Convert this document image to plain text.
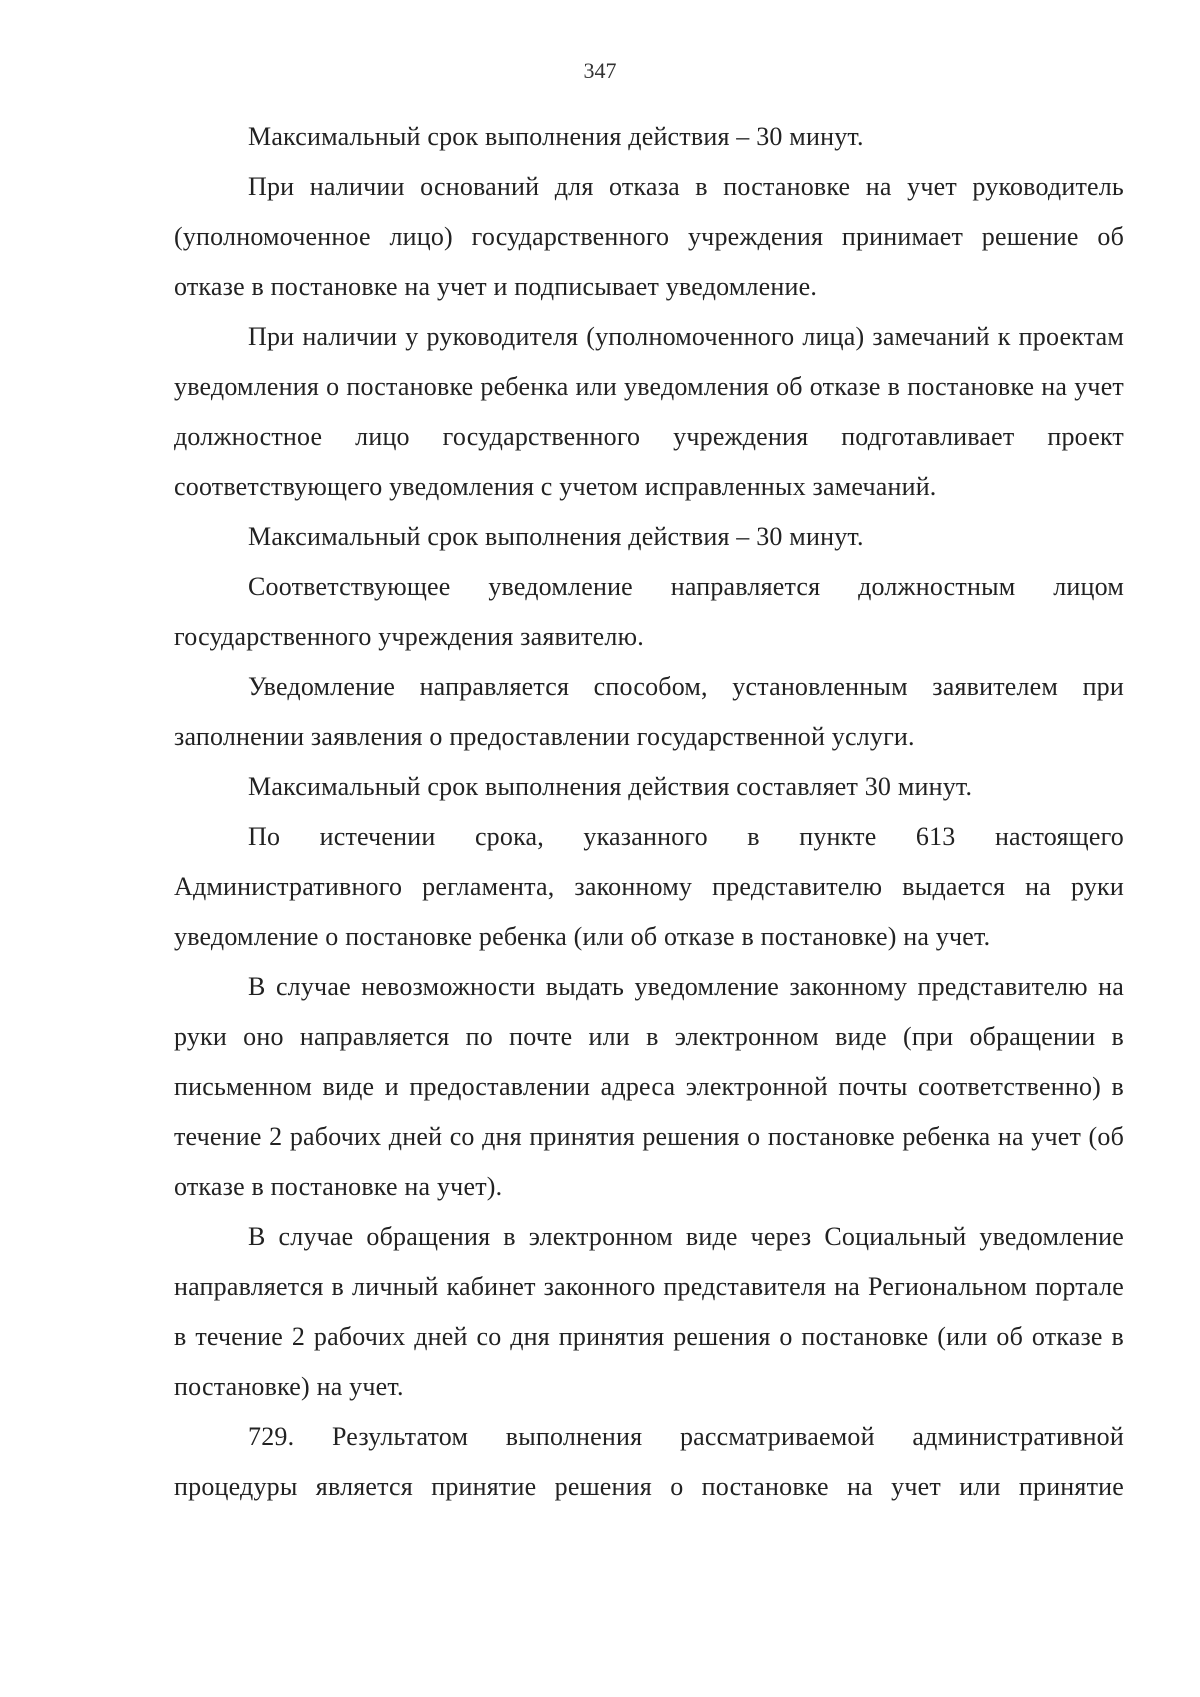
347

Максимальный срок выполнения действия – 30 минут.

При наличии оснований для отказа в постановке на учет руководитель (уполномоченное лицо) государственного учреждения принимает решение об отказе в постановке на учет и подписывает уведомление.

При наличии у руководителя (уполномоченного лица) замечаний к проектам уведомления о постановке ребенка или уведомления об отказе в постановке на учет должностное лицо государственного учреждения подготавливает проект соответствующего уведомления с учетом исправленных замечаний.

Максимальный срок выполнения действия – 30 минут.

Соответствующее уведомление направляется должностным лицом государственного учреждения заявителю.

Уведомление направляется способом, установленным заявителем при заполнении заявления о предоставлении государственной услуги.

Максимальный срок выполнения действия составляет 30 минут.

По истечении срока, указанного в пункте 613 настоящего Административного регламента, законному представителю выдается на руки уведомление о постановке ребенка (или об отказе в постановке) на учет.

В случае невозможности выдать уведомление законному представителю на руки оно направляется по почте или в электронном виде (при обращении в письменном виде и предоставлении адреса электронной почты соответственно) в течение 2 рабочих дней со дня принятия решения о постановке ребенка на учет (об отказе в постановке на учет).

В случае обращения в электронном виде через Социальный уведомление направляется в личный кабинет законного представителя на Региональном портале в течение 2 рабочих дней со дня принятия решения о постановке (или об отказе в постановке) на учет.

729. Результатом выполнения рассматриваемой административной процедуры является принятие решения о постановке на учет или принятие
